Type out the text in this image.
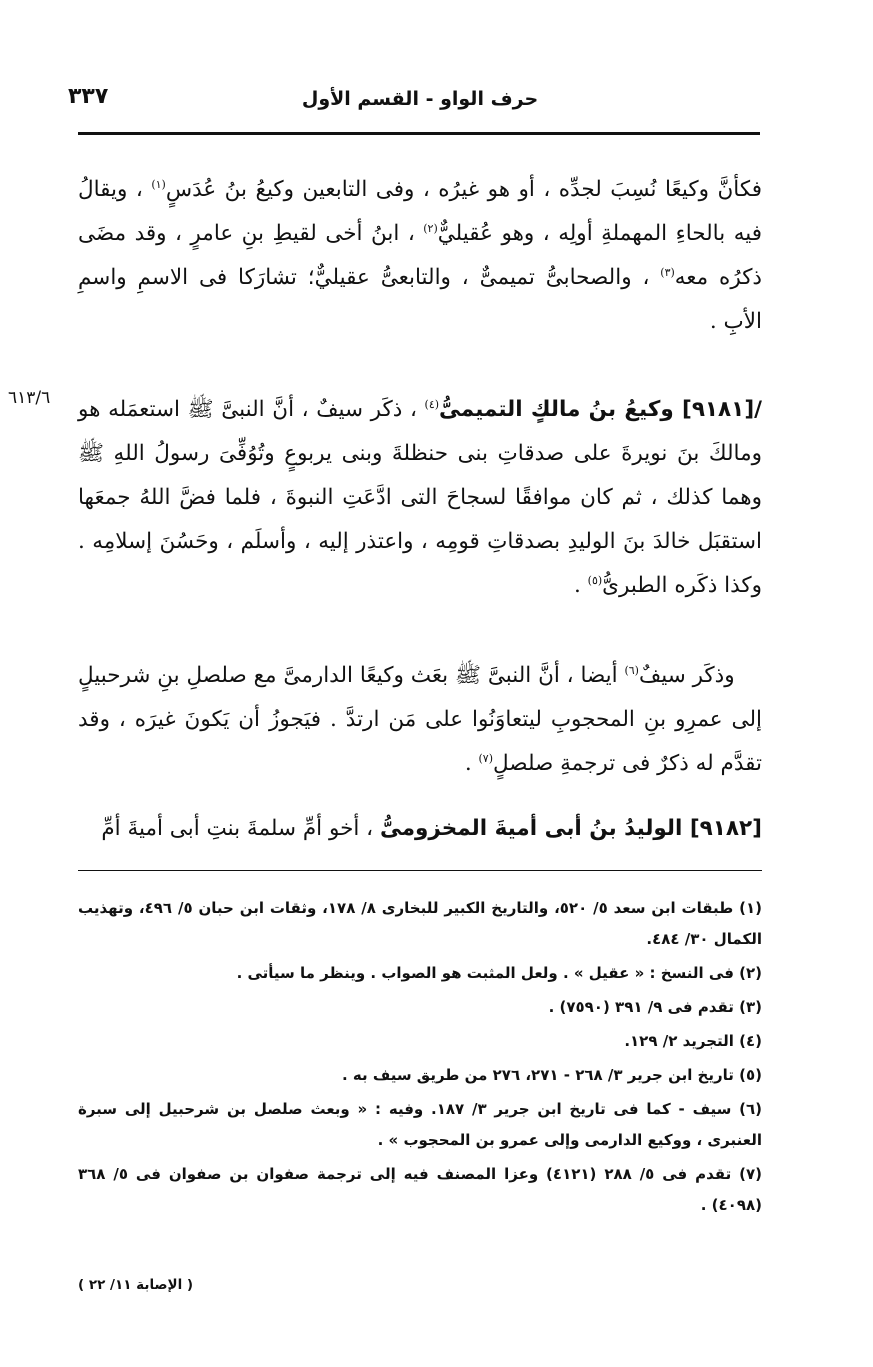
حرف الواو - القسم الأول
٣٣٧
٦١٣/٦

فكأنَّ وكيعًا نُسِبَ لجدِّه ، أو هو غيرُه ، وفى التابعين وكيعُ بنُ عُدَسٍ$^{(١)}$ ، ويقالُ فيه بالحاءِ المهملةِ أولِه ، وهو عُقيليٌّ$^{(٢)}$ ، ابنُ أخى لقيطِ بنِ عامرٍ ، وقد مضَى ذكرُه معه$^{(٣)}$ ، والصحابىُّ تميمىٌّ ، والتابعىُّ عقيليٌّ؛ تشارَكا فى الاسمِ واسمِ الأبِ .

/[٩١٨١] وكيعُ بنُ مالكٍ التميمىُّ$^{(٤)}$ ، ذكَر سيفٌ ، أنَّ النبىَّ ﷺ استعمَله هو ومالكَ بنَ نويرةَ على صدقاتِ بنى حنظلةَ وبنى يربوعٍ وتُوُفِّىَ رسولُ اللهِ ﷺ وهما كذلك ، ثم كان موافقًا لسجاحَ التى ادَّعَتِ النبوةَ ، فلما فضَّ اللهُ جمعَها استقبَل خالدَ بنَ الوليدِ بصدقاتِ قومِه ، واعتذر إليه ، وأسلَم ، وحَسُنَ إسلامِه . وكذا ذكَره الطبرىُّ$^{(٥)}$ .

وذكَر سيفٌ$^{(٦)}$ أيضا ، أنَّ النبىَّ ﷺ بعَث وكيعًا الدارمىَّ مع صلصلِ بنِ شرحبيلٍ إلى عمرِو بنِ المحجوبِ ليتعاوَنُوا على مَن ارتدَّ . فيَجوزُ أن يَكونَ غيرَه ، وقد تقدَّم له ذكرٌ فى ترجمةِ صلصلٍ$^{(٧)}$ .

[٩١٨٢] الوليدُ بنُ أبى أميةَ المخزومىُّ ، أخو أمِّ سلمةَ بنتِ أبى أميةَ أمِّ

(١) طبقات ابن سعد ٥/ ٥٢٠، والتاريخ الكبير للبخارى ٨/ ١٧٨، وثقات ابن حبان ٥/ ٤٩٦، وتهذيب الكمال ٣٠/ ٤٨٤.

(٢) فى النسخ : « عقيل » . ولعل المثبت هو الصواب . وينظر ما سيأتى .

(٣) تقدم فى ٩/ ٣٩١ (٧٥٩٠) .

(٤) التجريد ٢/ ١٢٩.

(٥) تاريخ ابن جرير ٣/ ٢٦٨ - ٢٧١، ٢٧٦ من طريق سيف به .

(٦) سيف - كما فى تاريخ ابن جرير ٣/ ١٨٧. وفيه : « وبعث صلصل بن شرحبيل إلى سبرة العنبرى ، ووكيع الدارمى وإلى عمرو بن المحجوب » .

(٧) تقدم فى ٥/ ٢٨٨ (٤١٢١) وعزا المصنف فيه إلى ترجمة صفوان بن صفوان فى ٥/ ٣٦٨ (٤٠٩٨) .

( الإصابة ١١/ ٢٢ )
